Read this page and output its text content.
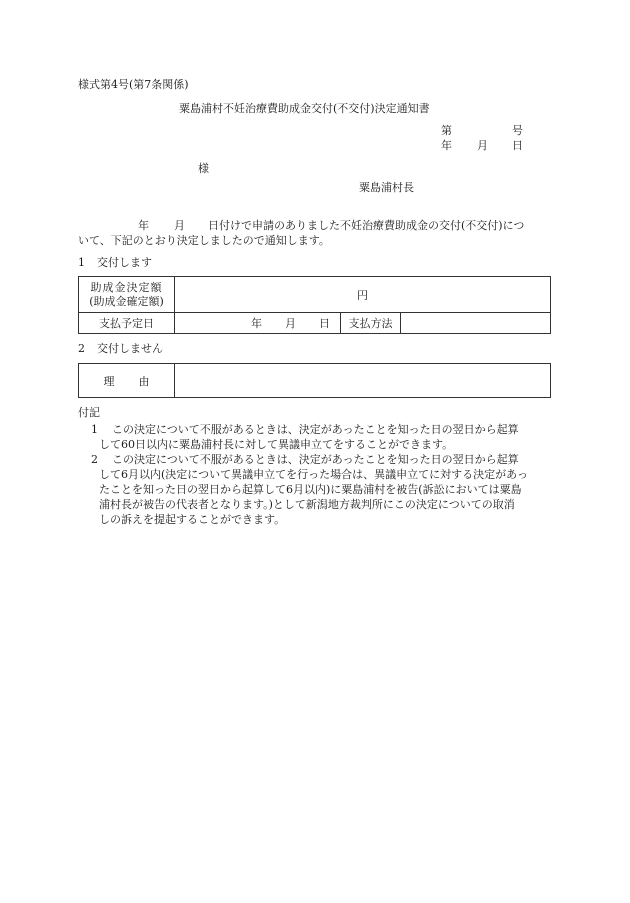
様式第4号(第7条関係)
粟島浦村不妊治療費助成金交付(不交付)決定通知書
第	号
年 月 日
様
粟島浦村長
年 月 日付けで申請のありました不妊治療費助成金の交付(不交付)につ
いて、下記のとおり決定しましたので通知します。
1 交付します
助成金決定額
(助成金確定額)	円		
支払予定日	年 月 日	支払方法	
2 交付しません
理 由	
付記

1 この決定について不服があるときは、決定があったことを知った日の翌日から起算

して60日以内に粟島浦村長に対して異議申立てをすることができます。

2 この決定について不服があるときは、決定があったことを知った日の翌日から起算

して6月以内(決定について異議申立てを行った場合は、異議申立てに対する決定があっ

たことを知った日の翌日から起算して6月以内)に粟島浦村を被告(訴訟においては粟島

浦村長が被告の代表者となります。)として新潟地方裁判所にこの決定についての取消

しの訴えを提起することができます。
